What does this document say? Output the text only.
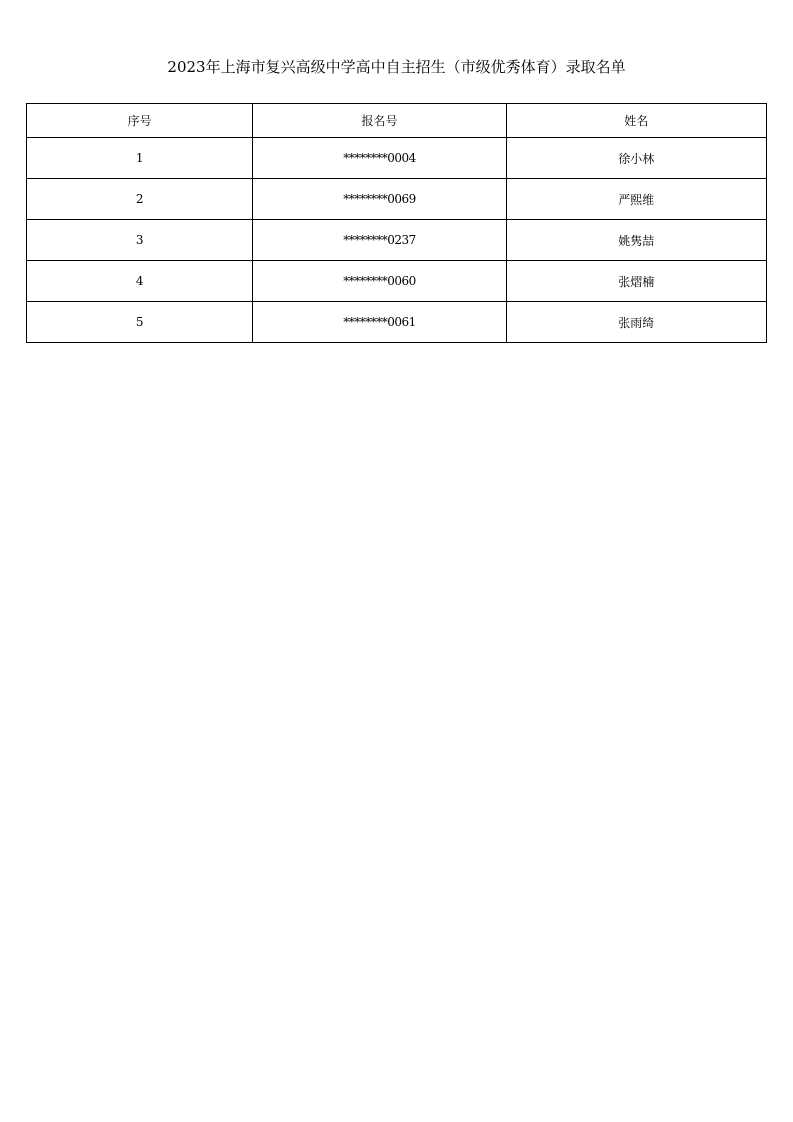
2023年上海市复兴高级中学高中自主招生（市级优秀体育）录取名单
序号	报名号	姓名
1	********0004	徐小林
2	********0069	严熙维
3	********0237	姚隽喆
4	********0060	张熠楠
5	********0061	张雨绮
